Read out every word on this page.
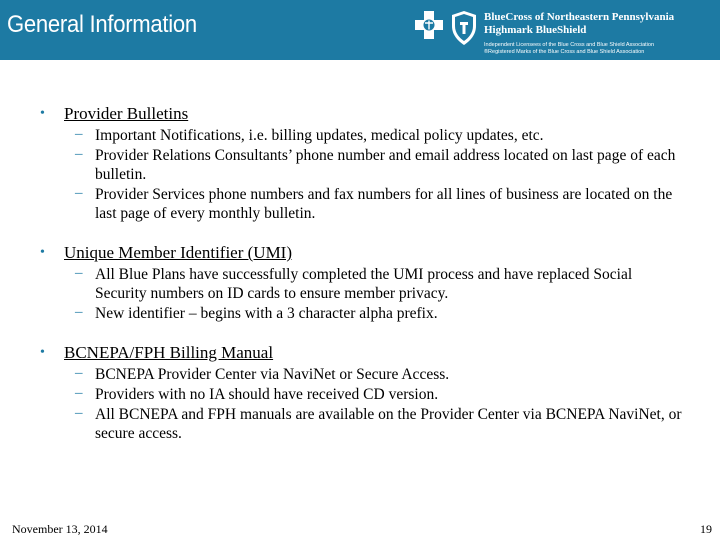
General Information	BlueCross of Northeastern Pennsylvania
Highmark BlueShield
Independent Licensees of the Blue Cross and Blue Shield Association
®Registered Marks of the Blue Cross and Blue Shield Association
• Provider Bulletins
– Important Notifications, i.e. billing updates, medical policy updates, etc.
– Provider Relations Consultants’ phone number and email address located on last page of each bulletin.
– Provider Services phone numbers and fax numbers for all lines of business are located on the last page of every monthly bulletin.
• Unique Member Identifier (UMI)
– All Blue Plans have successfully completed the UMI process and have replaced Social Security numbers on ID cards to ensure member privacy.
– New identifier – begins with a 3 character alpha prefix.
• BCNEPA/FPH Billing Manual
– BCNEPA Provider Center via NaviNet or Secure Access.
– Providers with no IA should have received CD version.
– All BCNEPA and FPH manuals are available on the Provider Center via BCNEPA NaviNet, or secure access.
November 13, 2014	19
